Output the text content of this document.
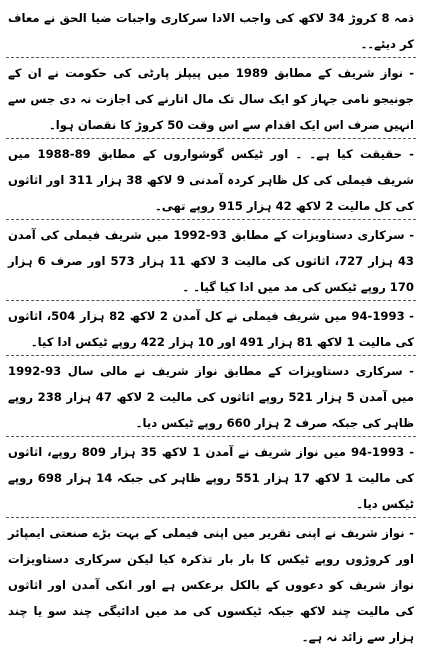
ذمہ 8 کروڑ 34 لاکھ کی واجب الادا سرکاری واجبات ضیا الحق نے معاف کر دیئے۔۔
- نواز شریف کے مطابق 1989 میں پیپلز پارٹی کی حکومت نے ان کے جونیجو نامی جہاز کو ایک سال تک مال اتارنے کی اجازت نہ دی جس سے انہیں صرف اس ایک اقدام سے اس وقت 50 کروڑ کا نقصان ہوا۔
- حقیقت کیا ہے۔ ۔ اور ٹیکس گوشواروں کے مطابق 89-1988 میں شریف فیملی کی کل ظاہر کردہ آمدنی 9 لاکھ 38 ہزار 311 اور اثاثوں کی کل مالیت 2 لاکھ 42 ہزار 915 روپے تھی۔
- سرکاری دستاویزات کے مطابق 93-1992 میں شریف فیملی کی آمدن 43 ہزار 727، اثاثوں کی مالیت 3 لاکھ 11 ہزار 573 اور صرف 6 ہزار 170 روپے ٹیکس کی مد میں ادا کیا گیا۔ ۔
- 94-1993 میں شریف فیملی نے کل آمدن 2 لاکھ 82 ہزار 504، اثاثوں کی مالیت 1 لاکھ 81 ہزار 491 اور 10 ہزار 422 روپے ٹیکس ادا کیا۔
- سرکاری دستاویزات کے مطابق نواز شریف نے مالی سال 93-1992 میں آمدن 5 ہزار 521 روپے اثاثوں کی مالیت 2 لاکھ 47 ہزار 238 روپے ظاہر کی جبکہ صرف 2 ہزار 660 روپے ٹیکس دیا۔
- 94-1993 میں نواز شریف نے آمدن 1 لاکھ 35 ہزار 809 روپے، اثاثوں کی مالیت 1 لاکھ 17 ہزار 551 روپے ظاہر کی جبکہ 14 ہزار 698 روپے ٹیکس دیا۔
- نواز شریف نے اپنی تقریر میں اپنی فیملی کے بہت بڑے صنعتی ایمپائر اور کروڑوں روپے ٹیکس کا بار بار تذکرہ کیا لیکن سرکاری دستاویزات نواز شریف کو دعووں کے بالکل برعکس ہے اور انکی آمدن اور اثاثوں کی مالیت چند لاکھ جبکہ ٹیکسوں کی مد میں ادائیگی چند سو یا چند ہزار سے زائد نہ ہے۔
